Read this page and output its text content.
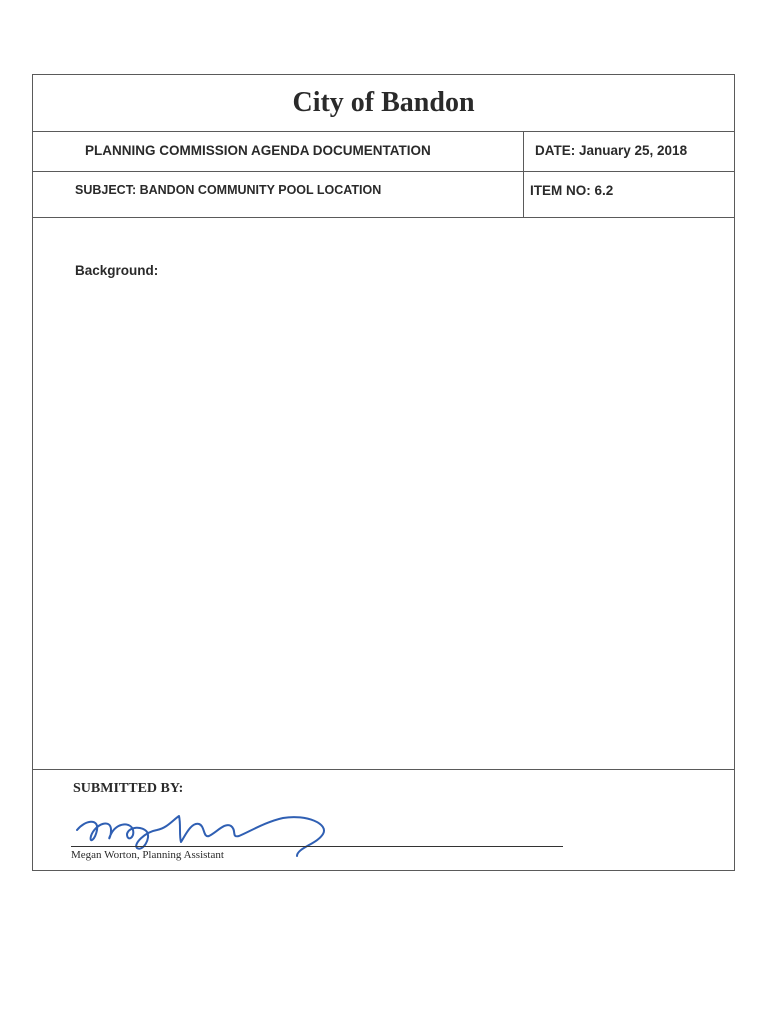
City of Bandon
PLANNING COMMISSION AGENDA DOCUMENTATION	DATE: January 25, 2018
SUBJECT: BANDON COMMUNITY POOL LOCATION	ITEM NO: 6.2
Background:
SUBMITTED BY:
Megan Worton, Planning Assistant
